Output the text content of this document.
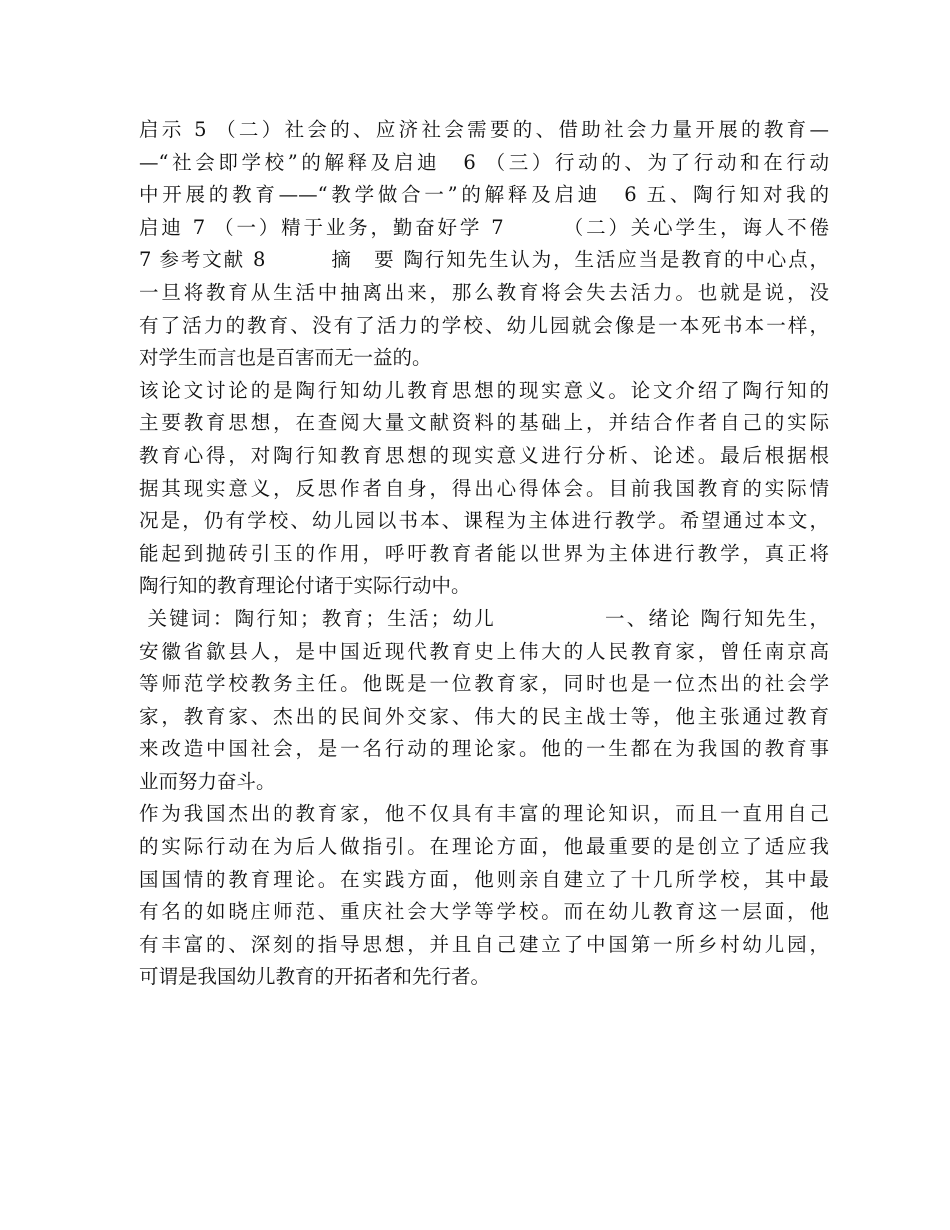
启示 5 （二）社会的、应济社会需要的、借助社会力量开展的教育—
—“社会即学校”的解释及启迪　6 （三）行动的、为了行动和在行动
中开展的教育——“教学做合一”的解释及启迪　6 五、陶行知对我的
启迪 7 （一）精于业务，勤奋好学 7　　　（二）关心学生，诲人不倦
7 参考文献 8　　　摘　要 陶行知先生认为，生活应当是教育的中心点，
一旦将教育从生活中抽离出来，那么教育将会失去活力。也就是说，没
有了活力的教育、没有了活力的学校、幼儿园就会像是一本死书本一样，
对学生而言也是百害而无一益的。
该论文讨论的是陶行知幼儿教育思想的现实意义。论文介绍了陶行知的
主要教育思想，在查阅大量文献资料的基础上，并结合作者自己的实际
教育心得，对陶行知教育思想的现实意义进行分析、论述。最后根据根
据其现实意义，反思作者自身，得出心得体会。目前我国教育的实际情
况是，仍有学校、幼儿园以书本、课程为主体进行教学。希望通过本文，
能起到抛砖引玉的作用，呼吁教育者能以世界为主体进行教学，真正将
陶行知的教育理论付诸于实际行动中。
关键词：陶行知；教育；生活；幼儿　　　　　一、绪论 陶行知先生，
安徽省歙县人，是中国近现代教育史上伟大的人民教育家，曾任南京高
等师范学校教务主任。他既是一位教育家，同时也是一位杰出的社会学
家，教育家、杰出的民间外交家、伟大的民主战士等，他主张通过教育
来改造中国社会，是一名行动的理论家。他的一生都在为我国的教育事
业而努力奋斗。
作为我国杰出的教育家，他不仅具有丰富的理论知识，而且一直用自己
的实际行动在为后人做指引。在理论方面，他最重要的是创立了适应我
国国情的教育理论。在实践方面，他则亲自建立了十几所学校，其中最
有名的如晓庄师范、重庆社会大学等学校。而在幼儿教育这一层面，他
有丰富的、深刻的指导思想，并且自己建立了中国第一所乡村幼儿园，
可谓是我国幼儿教育的开拓者和先行者。
